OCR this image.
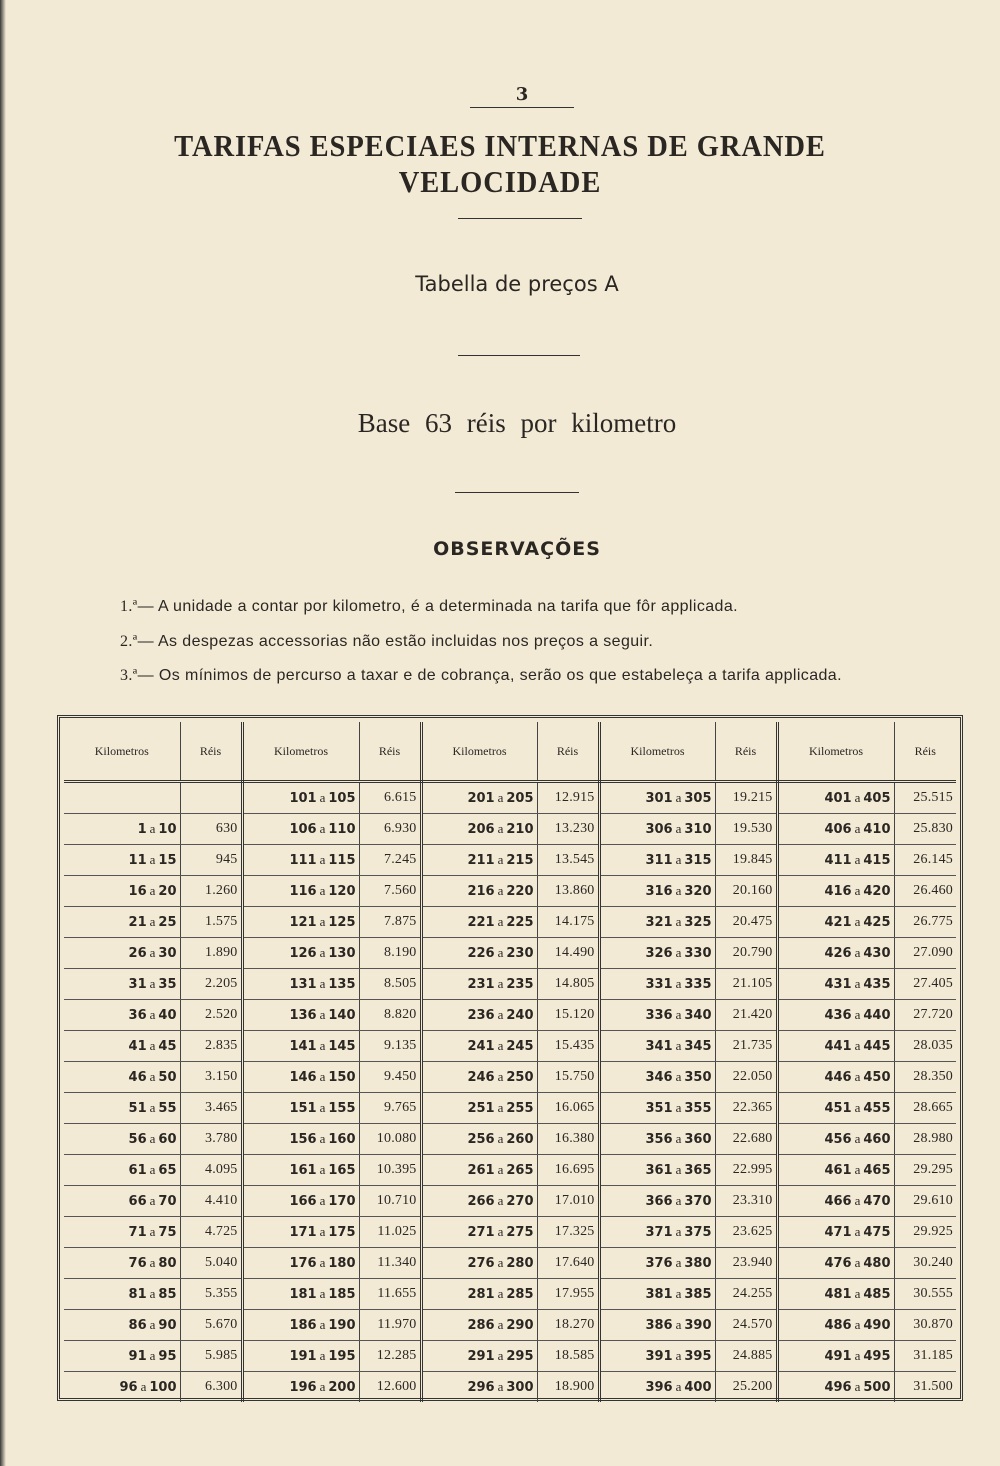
3
TARIFAS ESPECIAES INTERNAS DE GRANDE VELOCIDADE
Tabella de preços A
Base 63 réis por kilometro
OBSERVAÇÕES
1.ª— A unidade a contar por kilometro, é a determinada na tarifa que fôr applicada.
2.ª— As despezas accessorias não estão incluidas nos preços a seguir.
3.ª— Os mínimos de percurso a taxar e de cobrança, serão os que estabeleça a tarifa applicada.
Kilometros	Réis	Kilometros	Réis	Kilometros	Réis	Kilometros	Réis	Kilometros	Réis
		101 a 105	6.615	201 a 205	12.915	301 a 305	19.215	401 a 405	25.515
1 a 10	630	106 a 110	6.930	206 a 210	13.230	306 a 310	19.530	406 a 410	25.830
11 a 15	945	111 a 115	7.245	211 a 215	13.545	311 a 315	19.845	411 a 415	26.145
16 a 20	1.260	116 a 120	7.560	216 a 220	13.860	316 a 320	20.160	416 a 420	26.460
21 a 25	1.575	121 a 125	7.875	221 a 225	14.175	321 a 325	20.475	421 a 425	26.775
26 a 30	1.890	126 a 130	8.190	226 a 230	14.490	326 a 330	20.790	426 a 430	27.090
31 a 35	2.205	131 a 135	8.505	231 a 235	14.805	331 a 335	21.105	431 a 435	27.405
36 a 40	2.520	136 a 140	8.820	236 a 240	15.120	336 a 340	21.420	436 a 440	27.720
41 a 45	2.835	141 a 145	9.135	241 a 245	15.435	341 a 345	21.735	441 a 445	28.035
46 a 50	3.150	146 a 150	9.450	246 a 250	15.750	346 a 350	22.050	446 a 450	28.350
51 a 55	3.465	151 a 155	9.765	251 a 255	16.065	351 a 355	22.365	451 a 455	28.665
56 a 60	3.780	156 a 160	10.080	256 a 260	16.380	356 a 360	22.680	456 a 460	28.980
61 a 65	4.095	161 a 165	10.395	261 a 265	16.695	361 a 365	22.995	461 a 465	29.295
66 a 70	4.410	166 a 170	10.710	266 a 270	17.010	366 a 370	23.310	466 a 470	29.610
71 a 75	4.725	171 a 175	11.025	271 a 275	17.325	371 a 375	23.625	471 a 475	29.925
76 a 80	5.040	176 a 180	11.340	276 a 280	17.640	376 a 380	23.940	476 a 480	30.240
81 a 85	5.355	181 a 185	11.655	281 a 285	17.955	381 a 385	24.255	481 a 485	30.555
86 a 90	5.670	186 a 190	11.970	286 a 290	18.270	386 a 390	24.570	486 a 490	30.870
91 a 95	5.985	191 a 195	12.285	291 a 295	18.585	391 a 395	24.885	491 a 495	31.185
96 a 100	6.300	196 a 200	12.600	296 a 300	18.900	396 a 400	25.200	496 a 500	31.500
